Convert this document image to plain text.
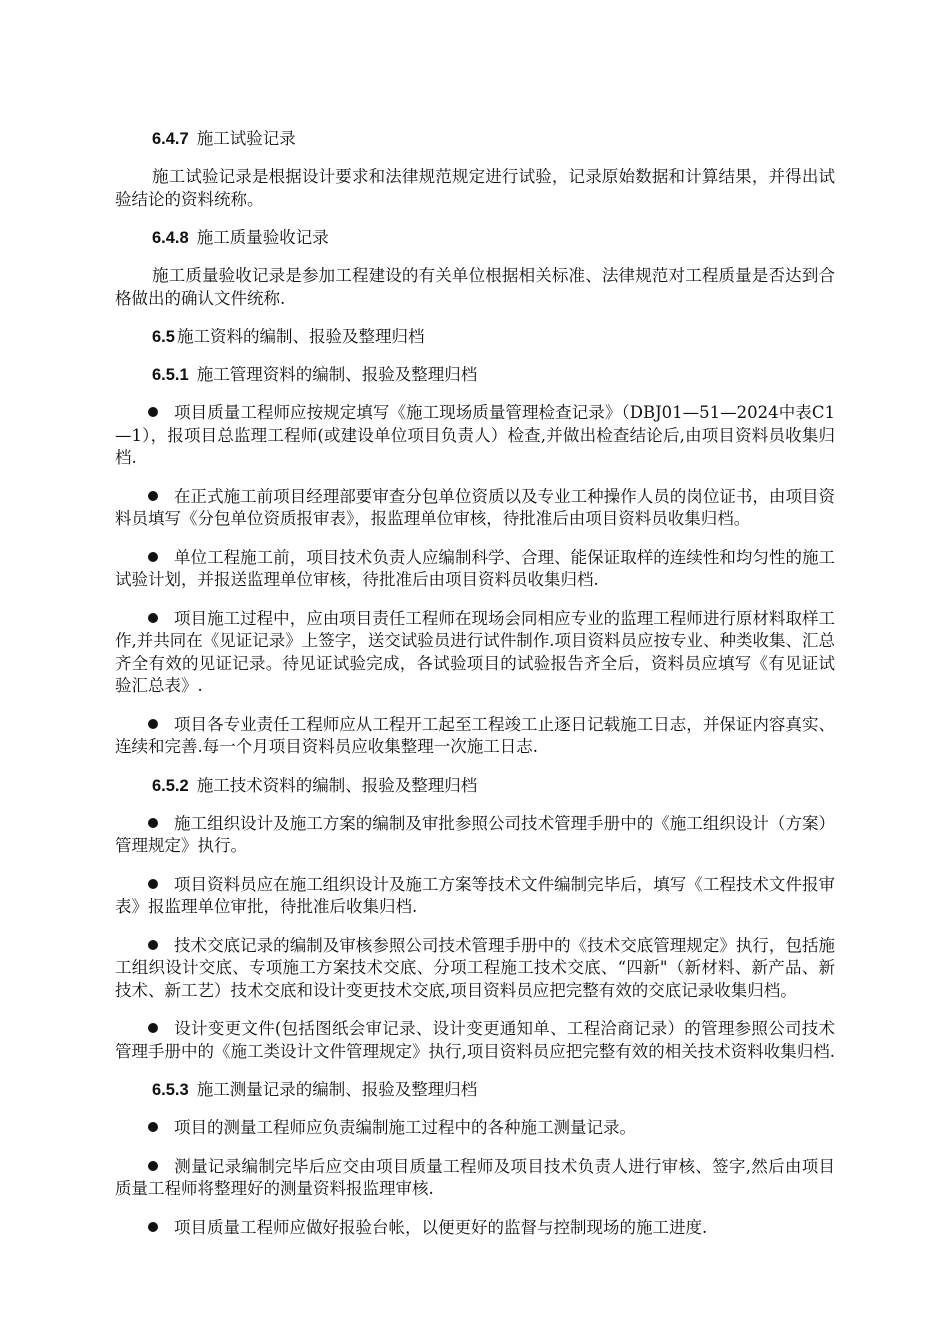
6.4.7 施工试验记录

施工试验记录是根据设计要求和法律规范规定进行试验，记录原始数据和计算结果，并得出试验结论的资料统称。

6.4.8 施工质量验收记录

施工质量验收记录是参加工程建设的有关单位根据相关标准、法律规范对工程质量是否达到合格做出的确认文件统称.

6.5 施工资料的编制、报验及整理归档
6.5.1 施工管理资料的编制、报验及整理归档

项目质量工程师应按规定填写《施工现场质量管理检查记录》（DBJ01—51—2024中表C1—1），报项目总监理工程师(或建设单位项目负责人）检查,并做出检查结论后,由项目资料员收集归档.

在正式施工前项目经理部要审查分包单位资质以及专业工种操作人员的岗位证书，由项目资料员填写《分包单位资质报审表》，报监理单位审核，待批准后由项目资料员收集归档。

单位工程施工前，项目技术负责人应编制科学、合理、能保证取样的连续性和均匀性的施工试验计划，并报送监理单位审核，待批准后由项目资料员收集归档.

项目施工过程中，应由项目责任工程师在现场会同相应专业的监理工程师进行原材料取样工作,并共同在《见证记录》上签字，送交试验员进行试件制作.项目资料员应按专业、种类收集、汇总齐全有效的见证记录。待见证试验完成，各试验项目的试验报告齐全后，资料员应填写《有见证试验汇总表》.

项目各专业责任工程师应从工程开工起至工程竣工止逐日记载施工日志，并保证内容真实、连续和完善.每一个月项目资料员应收集整理一次施工日志.

6.5.2 施工技术资料的编制、报验及整理归档

施工组织设计及施工方案的编制及审批参照公司技术管理手册中的《施工组织设计（方案）管理规定》执行。

项目资料员应在施工组织设计及施工方案等技术文件编制完毕后，填写《工程技术文件报审表》报监理单位审批，待批准后收集归档.

技术交底记录的编制及审核参照公司技术管理手册中的《技术交底管理规定》执行，包括施工组织设计交底、专项施工方案技术交底、分项工程施工技术交底、“四新"（新材料、新产品、新技术、新工艺）技术交底和设计变更技术交底,项目资料员应把完整有效的交底记录收集归档。

设计变更文件(包括图纸会审记录、设计变更通知单、工程洽商记录）的管理参照公司技术管理手册中的《施工类设计文件管理规定》执行,项目资料员应把完整有效的相关技术资料收集归档.

6.5.3 施工测量记录的编制、报验及整理归档

项目的测量工程师应负责编制施工过程中的各种施工测量记录。

测量记录编制完毕后应交由项目质量工程师及项目技术负责人进行审核、签字,然后由项目质量工程师将整理好的测量资料报监理审核.

项目质量工程师应做好报验台帐，以便更好的监督与控制现场的施工进度.
